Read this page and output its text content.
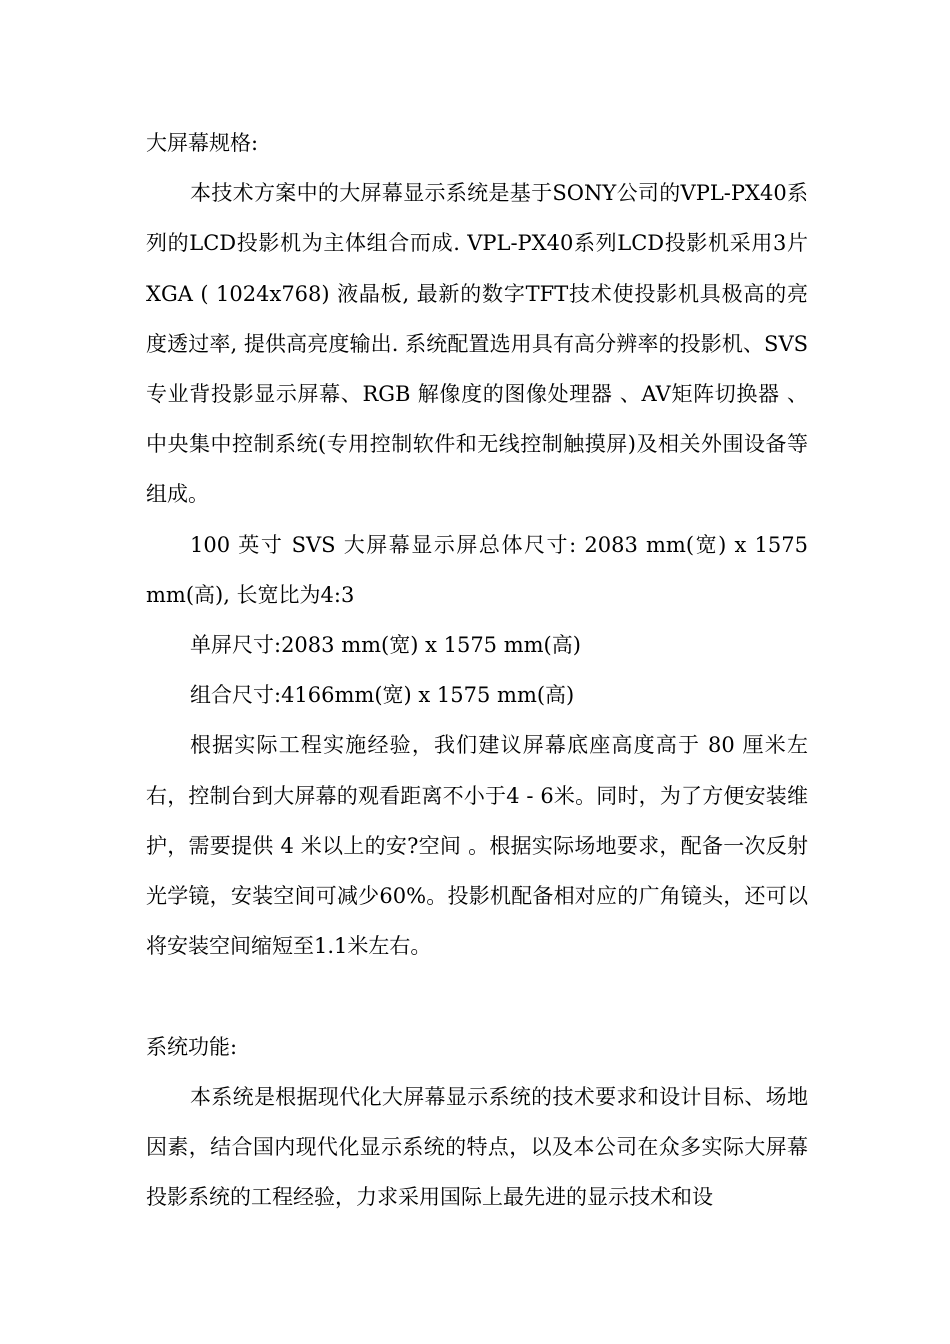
大屏幕规格:

本技术方案中的大屏幕显示系统是基于SONY公司的VPL-PX40系列的LCD投影机为主体组合而成. VPL-PX40系列LCD投影机采用3片XGA ( 1024x768) 液晶板, 最新的数字TFT技术使投影机具极高的亮度透过率, 提供高亮度输出. 系统配置选用具有高分辨率的投影机、SVS 专业背投影显示屏幕、RGB 解像度的图像处理器 、AV矩阵切换器 、中央集中控制系统(专用控制软件和无线控制触摸屏)及相关外围设备等组成。

100 英寸 SVS 大屏幕显示屏总体尺寸: 2083 mm(宽) x 1575 mm(高), 长宽比为4:3

单屏尺寸:2083 mm(宽) x 1575 mm(高)

组合尺寸:4166mm(宽) x 1575 mm(高)

根据实际工程实施经验，我们建议屏幕底座高度高于 80 厘米左右，控制台到大屏幕的观看距离不小于4 - 6米。同时，为了方便安装维护，需要提供 4 米以上的安?空间 。根据实际场地要求，配备一次反射光学镜，安装空间可减少60%。投影机配备相对应的广角镜头，还可以将安装空间缩短至1.1米左右。

系统功能:

本系统是根据现代化大屏幕显示系统的技术要求和设计目标、场地因素，结合国内现代化显示系统的特点，以及本公司在众多实际大屏幕投影系统的工程经验，力求采用国际上最先进的显示技术和设
